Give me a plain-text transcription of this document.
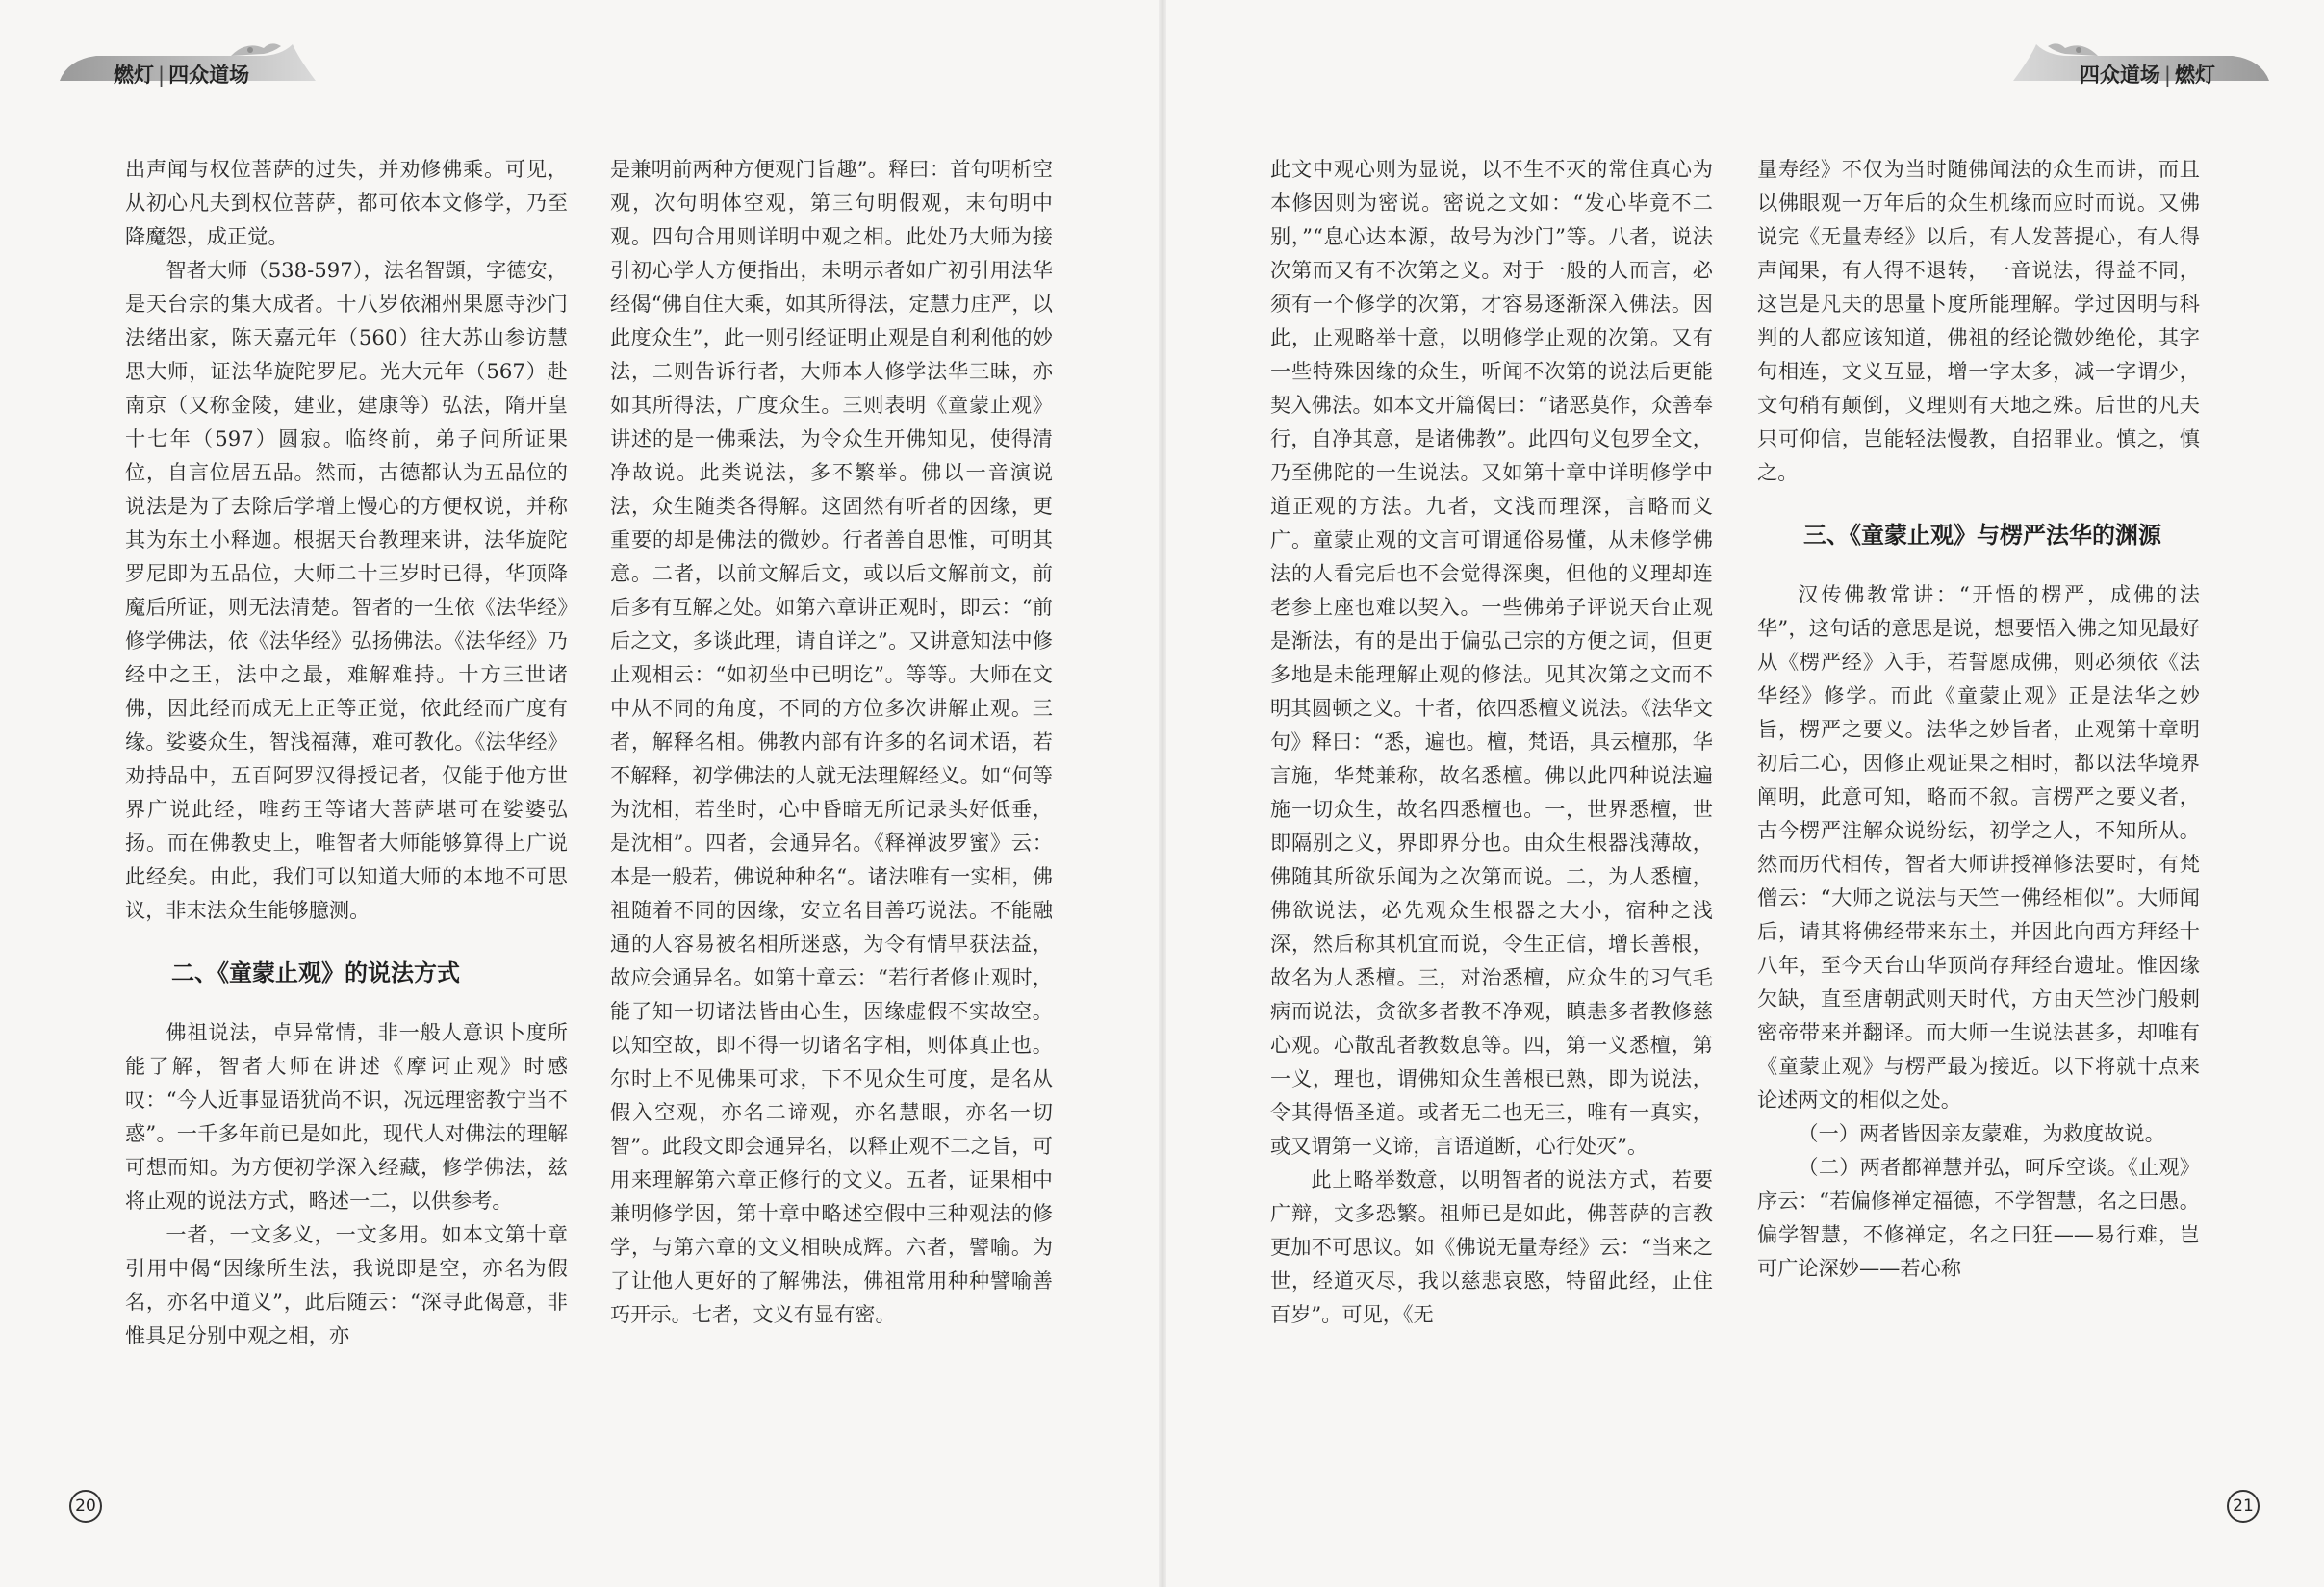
燃灯 | 四众道场	四众道场 | 燃灯

出声闻与权位菩萨的过失，并劝修佛乘。可见，从初心凡夫到权位菩萨，都可依本文修学，乃至降魔怨，成正觉。

智者大师（538-597），法名智顗，字德安，是天台宗的集大成者。十八岁依湘州果愿寺沙门法绪出家，陈天嘉元年（560）往大苏山参访慧思大师，证法华旋陀罗尼。光大元年（567）赴南京（又称金陵，建业，建康等）弘法，隋开皇十七年（597）圆寂。临终前，弟子问所证果位，自言位居五品。然而，古德都认为五品位的说法是为了去除后学增上慢心的方便权说，并称其为东土小释迦。根据天台教理来讲，法华旋陀罗尼即为五品位，大师二十三岁时已得，华顶降魔后所证，则无法清楚。智者的一生依《法华经》修学佛法，依《法华经》弘扬佛法。《法华经》乃经中之王，法中之最，难解难持。十方三世诸佛，因此经而成无上正等正觉，依此经而广度有缘。娑婆众生，智浅福薄，难可教化。《法华经》劝持品中，五百阿罗汉得授记者，仅能于他方世界广说此经，唯药王等诸大菩萨堪可在娑婆弘扬。而在佛教史上，唯智者大师能够算得上广说此经矣。由此，我们可以知道大师的本地不可思议，非末法众生能够臆测。

二、《童蒙止观》的说法方式

佛祖说法，卓异常情，非一般人意识卜度所能了解，智者大师在讲述《摩诃止观》时感叹：“今人近事显语犹尚不识，况远理密教宁当不惑”。一千多年前已是如此，现代人对佛法的理解可想而知。为方便初学深入经藏，修学佛法，兹将止观的说法方式，略述一二，以供参考。

一者，一文多义，一文多用。如本文第十章引用中偈“因缘所生法，我说即是空，亦名为假名，亦名中道义”，此后随云：“深寻此偈意，非惟具足分别中观之相，亦

是兼明前两种方便观门旨趣”。释曰：首句明析空观，次句明体空观，第三句明假观，末句明中观。四句合用则详明中观之相。此处乃大师为接引初心学人方便指出，未明示者如广初引用法华经偈“佛自住大乘，如其所得法，定慧力庄严，以此度众生”，此一则引经证明止观是自利利他的妙法，二则告诉行者，大师本人修学法华三昧，亦如其所得法，广度众生。三则表明《童蒙止观》讲述的是一佛乘法，为令众生开佛知见，使得清净故说。此类说法，多不繁举。佛以一音演说法，众生随类各得解。这固然有听者的因缘，更重要的却是佛法的微妙。行者善自思惟，可明其意。二者，以前文解后文，或以后文解前文，前后多有互解之处。如第六章讲正观时，即云：“前后之文，多谈此理，请自详之”。又讲意知法中修止观相云：“如初坐中已明讫”。等等。大师在文中从不同的角度，不同的方位多次讲解止观。三者，解释名相。佛教内部有许多的名词术语，若不解释，初学佛法的人就无法理解经义。如“何等为沈相，若坐时，心中昏暗无所记录头好低垂，是沈相”。四者，会通异名。《释禅波罗蜜》云：本是一般若，佛说种种名“。诸法唯有一实相，佛祖随着不同的因缘，安立名目善巧说法。不能融通的人容易被名相所迷惑，为令有情早获法益，故应会通异名。如第十章云：“若行者修止观时，能了知一切诸法皆由心生，因缘虚假不实故空。以知空故，即不得一切诸名字相，则体真止也。尔时上不见佛果可求，下不见众生可度，是名从假入空观，亦名二谛观，亦名慧眼，亦名一切智”。此段文即会通异名，以释止观不二之旨，可用来理解第六章正修行的文义。五者，证果相中兼明修学因，第十章中略述空假中三种观法的修学，与第六章的文义相映成辉。六者，譬喻。为了让他人更好的了解佛法，佛祖常用种种譬喻善巧开示。七者，文义有显有密。

此文中观心则为显说，以不生不灭的常住真心为本修因则为密说。密说之文如：“发心毕竟不二别，”“息心达本源，故号为沙门”等。八者，说法次第而又有不次第之义。对于一般的人而言，必须有一个修学的次第，才容易逐渐深入佛法。因此，止观略举十意，以明修学止观的次第。又有一些特殊因缘的众生，听闻不次第的说法后更能契入佛法。如本文开篇偈曰：“诸恶莫作，众善奉行，自净其意，是诸佛教”。此四句义包罗全文，乃至佛陀的一生说法。又如第十章中详明修学中道正观的方法。九者，文浅而理深，言略而义广。童蒙止观的文言可谓通俗易懂，从未修学佛法的人看完后也不会觉得深奥，但他的义理却连老参上座也难以契入。一些佛弟子评说天台止观是渐法，有的是出于偏弘己宗的方便之词，但更多地是未能理解止观的修法。见其次第之文而不明其圆顿之义。十者，依四悉檀义说法。《法华文句》释曰：“悉，遍也。檀，梵语，具云檀那，华言施，华梵兼称，故名悉檀。佛以此四种说法遍施一切众生，故名四悉檀也。一，世界悉檀，世即隔别之义，界即界分也。由众生根器浅薄故，佛随其所欲乐闻为之次第而说。二，为人悉檀，佛欲说法，必先观众生根器之大小，宿种之浅深，然后称其机宜而说，令生正信，增长善根，故名为人悉檀。三，对治悉檀，应众生的习气毛病而说法，贪欲多者教不净观，瞋恚多者教修慈心观。心散乱者教数息等。四，第一义悉檀，第一义，理也，谓佛知众生善根已熟，即为说法，令其得悟圣道。或者无二也无三，唯有一真实，或又谓第一义谛，言语道断，心行处灭”。

此上略举数意，以明智者的说法方式，若要广辩，文多恐繁。祖师已是如此，佛菩萨的言教更加不可思议。如《佛说无量寿经》云：“当来之世，经道灭尽，我以慈悲哀愍，特留此经，止住百岁”。可见，《无

量寿经》不仅为当时随佛闻法的众生而讲，而且以佛眼观一万年后的众生机缘而应时而说。又佛说完《无量寿经》以后，有人发菩提心，有人得声闻果，有人得不退转，一音说法，得益不同，这岂是凡夫的思量卜度所能理解。学过因明与科判的人都应该知道，佛祖的经论微妙绝伦，其字句相连，文义互显，增一字太多，减一字谓少，文句稍有颠倒，义理则有天地之殊。后世的凡夫只可仰信，岂能轻法慢教，自招罪业。慎之，慎之。

三、《童蒙止观》与楞严法华的渊源

汉传佛教常讲：“开悟的楞严，成佛的法华”，这句话的意思是说，想要悟入佛之知见最好从《楞严经》入手，若誓愿成佛，则必须依《法华经》修学。而此《童蒙止观》正是法华之妙旨，楞严之要义。法华之妙旨者，止观第十章明初后二心，因修止观证果之相时，都以法华境界阐明，此意可知，略而不叙。言楞严之要义者，古今楞严注解众说纷纭，初学之人，不知所从。然而历代相传，智者大师讲授禅修法要时，有梵僧云：“大师之说法与天竺一佛经相似”。大师闻后，请其将佛经带来东土，并因此向西方拜经十八年，至今天台山华顶尚存拜经台遗址。惟因缘欠缺，直至唐朝武则天时代，方由天竺沙门般刺密帝带来并翻译。而大师一生说法甚多，却唯有《童蒙止观》与楞严最为接近。以下将就十点来论述两文的相似之处。

（一）两者皆因亲友蒙难，为救度故说。

（二）两者都禅慧并弘，呵斥空谈。《止观》序云：“若偏修禅定福德，不学智慧，名之曰愚。偏学智慧，不修禅定，名之曰狂——易行难，岂可广论深妙——若心称

20	21
